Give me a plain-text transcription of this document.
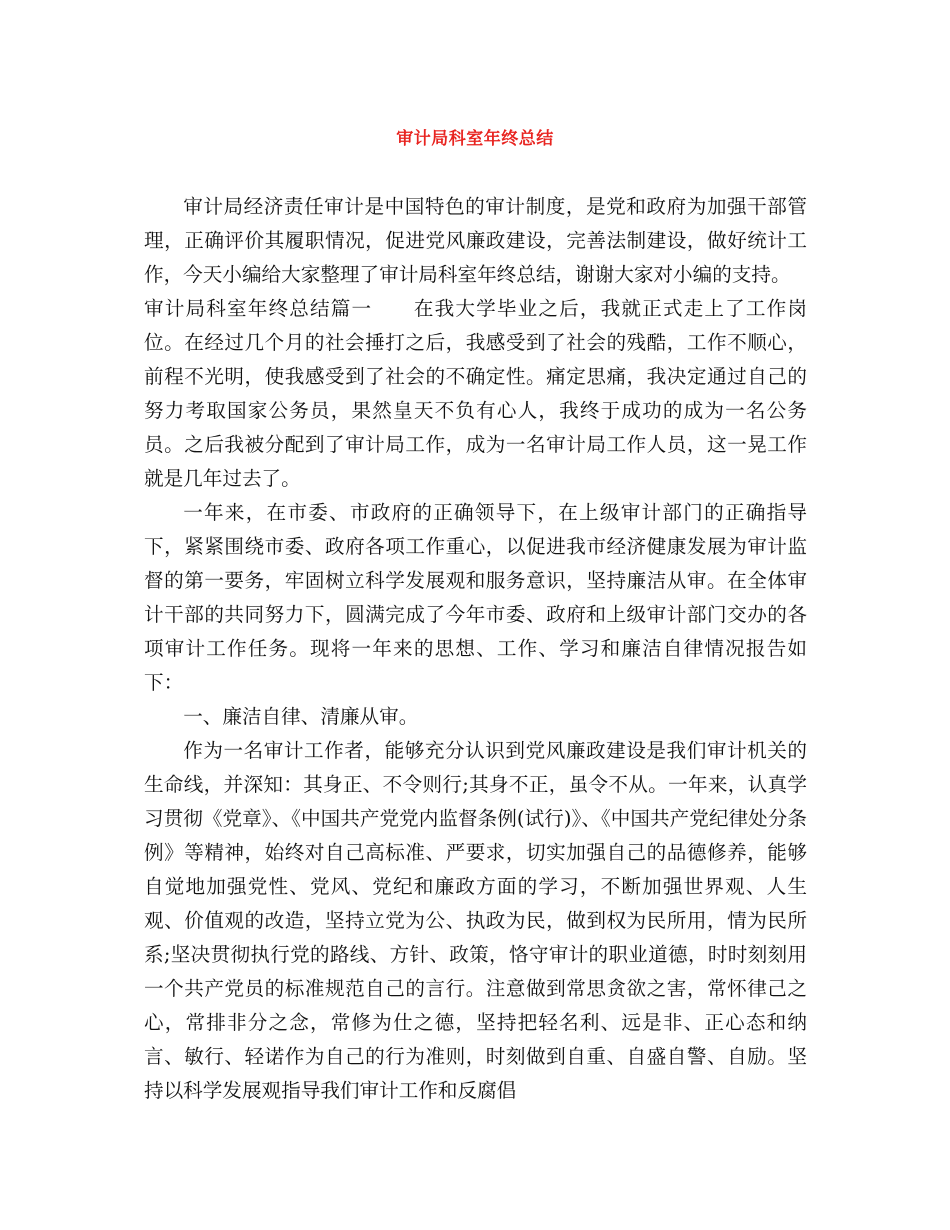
审计局科室年终总结

审计局经济责任审计是中国特色的审计制度，是党和政府为加强干部管理，正确评价其履职情况，促进党风廉政建设，完善法制建设，做好统计工作，今天小编给大家整理了审计局科室年终总结，谢谢大家对小编的支持。

审计局科室年终总结篇一　　在我大学毕业之后，我就正式走上了工作岗位。在经过几个月的社会捶打之后，我感受到了社会的残酷，工作不顺心，前程不光明，使我感受到了社会的不确定性。痛定思痛，我决定通过自己的努力考取国家公务员，果然皇天不负有心人，我终于成功的成为一名公务员。之后我被分配到了审计局工作，成为一名审计局工作人员，这一晃工作就是几年过去了。

一年来，在市委、市政府的正确领导下，在上级审计部门的正确指导下，紧紧围绕市委、政府各项工作重心，以促进我市经济健康发展为审计监督的第一要务，牢固树立科学发展观和服务意识，坚持廉洁从审。在全体审计干部的共同努力下，圆满完成了今年市委、政府和上级审计部门交办的各项审计工作任务。现将一年来的思想、工作、学习和廉洁自律情况报告如下：

一、廉洁自律、清廉从审。

作为一名审计工作者，能够充分认识到党风廉政建设是我们审计机关的生命线，并深知：其身正、不令则行;其身不正，虽令不从。一年来，认真学习贯彻《党章》、《中国共产党党内监督条例(试行)》、《中国共产党纪律处分条例》等精神，始终对自己高标准、严要求，切实加强自己的品德修养，能够自觉地加强党性、党风、党纪和廉政方面的学习，不断加强世界观、人生观、价值观的改造，坚持立党为公、执政为民，做到权为民所用，情为民所系;坚决贯彻执行党的路线、方针、政策，恪守审计的职业道德，时时刻刻用一个共产党员的标准规范自己的言行。注意做到常思贪欲之害，常怀律己之心，常排非分之念，常修为仕之德，坚持把轻名利、远是非、正心态和纳言、敏行、轻诺作为自己的行为准则，时刻做到自重、自盛自警、自励。坚持以科学发展观指导我们审计工作和反腐倡
